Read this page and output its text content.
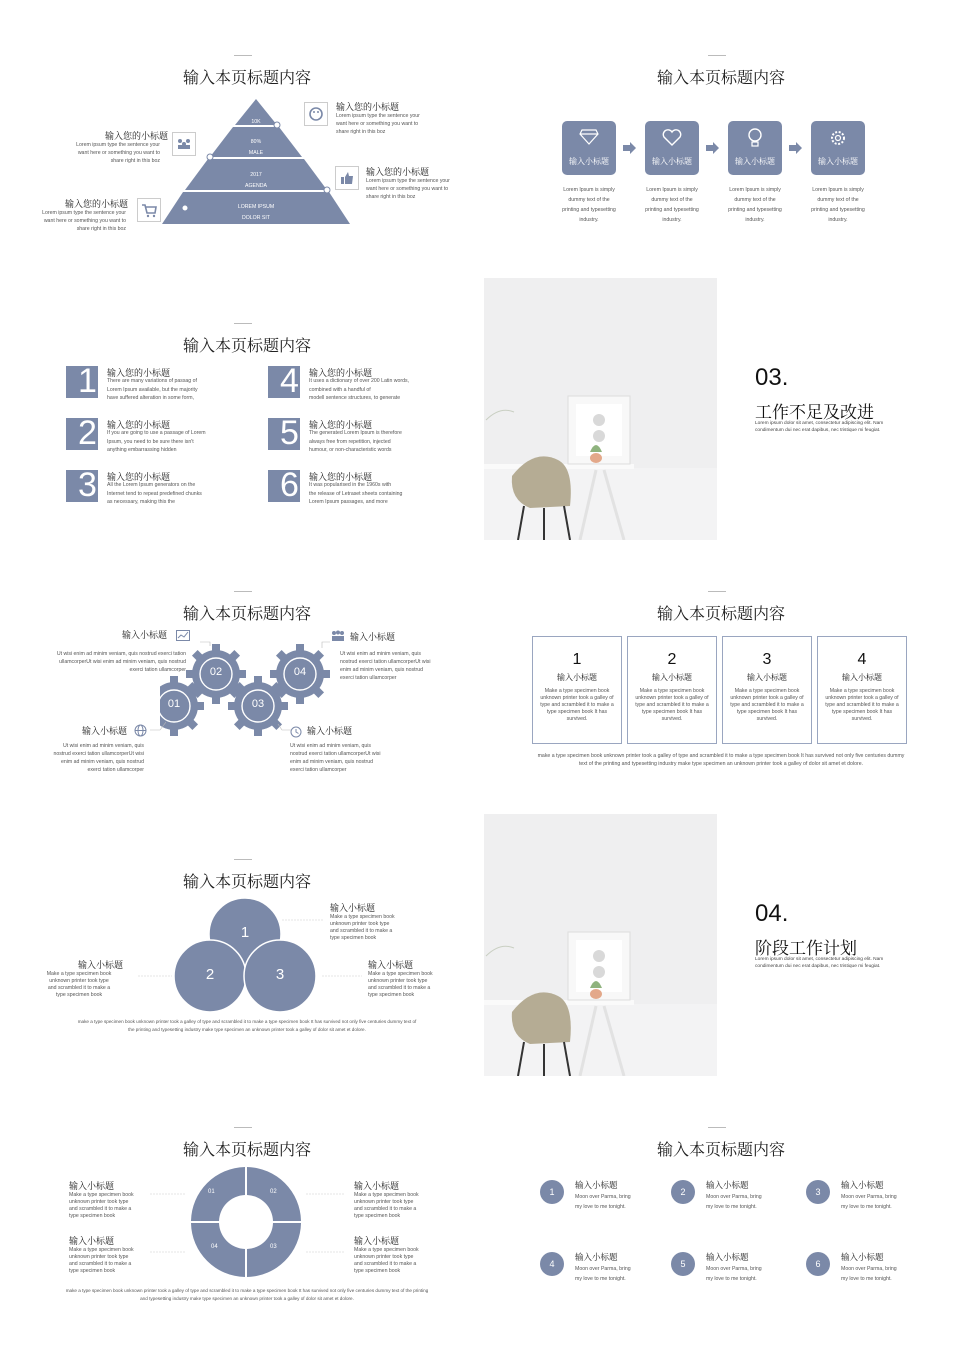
输入本页标题内容
10K
80%
MALE
2017
AGENDA
LOREM IPSUM
DOLOR SIT
输入您的小标题
Lorem ipsum type the sentence your
want here or something you want to
share right in this boz
输入您的小标题
Lorem ipsum type the sentence your
want here or something you want to
share right in this boz
输入您的小标题
Lorem ipsum type the sentence your
want here or something you want to
share right in this boz
输入您的小标题
Lorem ipsum type the sentence your
want here or something you want to
share right in this boz
输入本页标题内容
输入小标题	输入小标题	输入小标题	输入小标题
Lorem Ipsum is simply
dummy text of the
printing and typesetting
industry.
Lorem Ipsum is simply
dummy text of the
printing and typesetting
industry.
Lorem Ipsum is simply
dummy text of the
printing and typesetting
industry.
Lorem Ipsum is simply
dummy text of the
printing and typesetting
industry.
输入本页标题内容
1 输入您的小标题
There are many variations of passag of
Lorem Ipsum available, but the majority
have suffered alteration in some form,
2 输入您的小标题
If you are going to use a passage of Lorem
Ipsum, you need to be sure there isn't
anything embarrassing hidden
3 输入您的小标题
All the Lorem Ipsum generators on the
Internet tend to repeat predefined chunks
as necessary, making this the
4 输入您的小标题
It uses a dictionary of over 200 Latin words,
combined with a handful of
modell sentence structures, to generate
5 输入您的小标题
The generated Lorem Ipsum is therefore
always free from repetition, injected
humour, or non-characteristic words
6 输入您的小标题
It was popularised in the 1960s with
the release of Letraset sheets containing
Lorem Ipsum passages, and more
03.
工作不足及改进
Lorem ipsum dolor sit amet, consectetur adipiscing elit. Nam
condimentum dui nec erat dapibus, nec tristique mi feugiat.
输入本页标题内容
01
02
03
04
输入小标题
Ut wisi enim ad minim veniam, quis nostrud exerci tation
ullamcorperUt wisi enim ad minim veniam, quis nostrud
exerci tation ullamcorper
输入小标题
Ut wisi enim ad minim veniam, quis
nostrud exerci tation ullamcorperUt wisi
enim ad minim veniam, quis nostrud
exerci tation ullamcorper
输入小标题
Ut wisi enim ad minim veniam, quis
nostrud exerci tation ullamcorperUt wisi
enim ad minim veniam, quis nostrud
exerci tation ullamcorper
输入小标题
Ut wisi enim ad minim veniam, quis
nostrud exerci tation ullamcorperUt wisi
enim ad minim veniam, quis nostrud
exerci tation ullamcorper
输入本页标题内容
1
输入小标题
Make a type specimen book
unknown printer took a galley of
type and scrambled it to make a
type specimen book It has
survived.
2
输入小标题
Make a type specimen book
unknown printer took a galley of
type and scrambled it to make a
type specimen book It has
survived.
3
输入小标题
Make a type specimen book
unknown printer took a galley of
type and scrambled it to make a
type specimen book It has
survived.
4
输入小标题
Make a type specimen book
unknown printer took a galley of
type and scrambled it to make a
type specimen book It has
survived.
make a type specimen book unknown printer took a galley of type and scrambled it to make a type specimen book It has survived not only five centuries dummy
text of the printing and typesetting industry make type specimen an unknown printer took a galley of dolor sit amet et dolore.
输入本页标题内容
1
2	3
输入小标题
Make a type specimen book
unknown printer took type
and scrambled it to make a
type specimen book
输入小标题
Make a type specimen book
unknown printer took type
and scrambled it to make a
type specimen book
输入小标题
Make a type specimen book
unknown printer took type
and scrambled it to make a
type specimen book
make a type specimen book unknown printer took a galley of type and scrambled it to make a type specimen book It has survived not only five centuries dummy text of
the printing and typesetting industry make type specimen an unknown printer took a galley of dolor sit amet et dolore.
04.
阶段工作计划
Lorem ipsum dolor sit amet, consectetur adipiscing elit. Nam
condimentum dui nec erat dapibus, nec tristique mi feugiat.
输入本页标题内容
01	02
03
04
输入小标题
Make a type specimen book
unknown printer took type
and scrambled it to make a
type specimen book
输入小标题
Make a type specimen book
unknown printer took type
and scrambled it to make a
type specimen book
输入小标题
Make a type specimen book
unknown printer took type
and scrambled it to make a
type specimen book
输入小标题
Make a type specimen book
unknown printer took type
and scrambled it to make a
type specimen book
make a type specimen book unknown printer took a galley of type and scrambled it to make a type specimen book It has survived not only five centuries dummy text of the printing
and typesetting industry make type specimen an unknown printer took a galley of dolor sit amet et dolore.
输入本页标题内容
1
输入小标题
Moon over Parma, bring
my love to me tonight.
2
输入小标题
Moon over Parma, bring
my love to me tonight.
3
输入小标题
Moon over Parma, bring
my love to me tonight.
4
输入小标题
Moon over Parma, bring
my love to me tonight.
5
输入小标题
Moon over Parma, bring
my love to me tonight.
6
输入小标题
Moon over Parma, bring
my love to me tonight.
